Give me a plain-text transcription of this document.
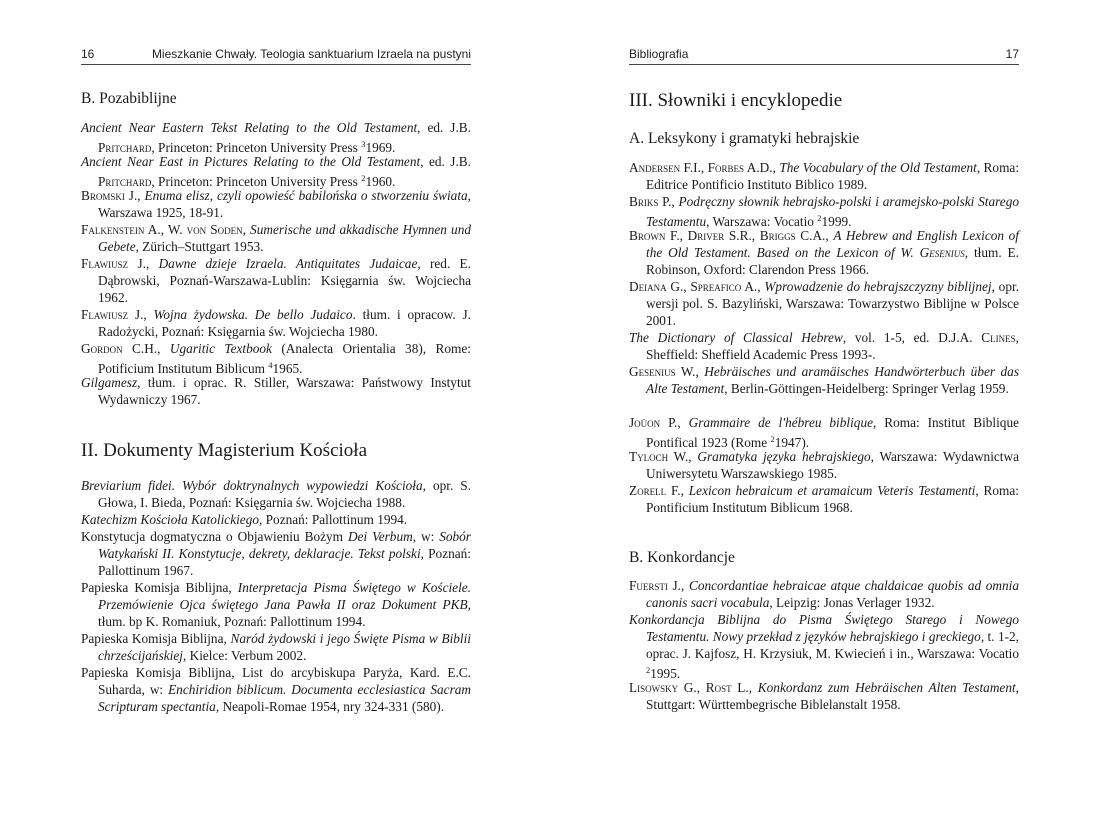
16	Mieszkanie Chwały. Teologia sanktuarium Izraela na pustyni
B. Pozabiblijne
Ancient Near Eastern Tekst Relating to the Old Testament, ed. J.B. Pritchard, Princeton: Princeton University Press $^3$1969.
Ancient Near East in Pictures Relating to the Old Testament, ed. J.B. Pritchard, Princeton: Princeton University Press $^2$1960.
Bromski J., Enuma elisz, czyli opowieść babilońska o stworzeniu świata, Warszawa 1925, 18-91.
Falkenstein A., W. von Soden, Sumerische und akkadische Hymnen und Gebete, Zürich–Stuttgart 1953.
Flawiusz J., Dawne dzieje Izraela. Antiquitates Judaicae, red. E. Dąbrowski, Poznań-Warszawa-Lublin: Księgarnia św. Wojciecha 1962.
Flawiusz J., Wojna żydowska. De bello Judaico. tłum. i opracow. J. Radożycki, Poznań: Księgarnia św. Wojciecha 1980.
Gordon C.H., Ugaritic Textbook (Analecta Orientalia 38), Rome: Potificium Institutum Biblicum $^4$1965.
Gilgamesz, tłum. i oprac. R. Stiller, Warszawa: Państwowy Instytut Wydawniczy 1967.
II. Dokumenty Magisterium Kościoła
Breviarium fidei. Wybór doktrynalnych wypowiedzi Kościoła, opr. S. Głowa, I. Bieda, Poznań: Księgarnia św. Wojciecha 1988.
Katechizm Kościoła Katolickiego, Poznań: Pallottinum 1994.
Konstytucja dogmatyczna o Objawieniu Bożym Dei Verbum, w: Sobór Watykański II. Konstytucje, dekrety, deklaracje. Tekst polski, Poznań: Pallottinum 1967.
Papieska Komisja Biblijna, Interpretacja Pisma Świętego w Kościele. Przemówienie Ojca świętego Jana Pawła II oraz Dokument PKB, tłum. bp K. Romaniuk, Poznań: Pallottinum 1994.
Papieska Komisja Biblijna, Naród żydowski i jego Święte Pisma w Biblii chrześcijańskiej, Kielce: Verbum 2002.
Papieska Komisja Biblijna, List do arcybiskupa Paryża, Kard. E.C. Suharda, w: Enchiridion biblicum. Documenta ecclesiastica Sacram Scripturam spectantia, Neapoli-Romae 1954, nry 324-331 (580).
Bibliografia	17
III. Słowniki i encyklopedie
A. Leksykony i gramatyki hebrajskie
Andersen F.I., Forbes A.D., The Vocabulary of the Old Testament, Roma: Editrice Pontificio Instituto Biblico 1989.
Briks P., Podręczny słownik hebrajsko-polski i aramejsko-polski Starego Testamentu, Warszawa: Vocatio $^2$1999.
Brown F., Driver S.R., Briggs C.A., A Hebrew and English Lexicon of the Old Testament. Based on the Lexicon of W. Gesenius, tłum. E. Robinson, Oxford: Clarendon Press 1966.
Deiana G., Spreafico A., Wprowadzenie do hebrajszczyzny biblijnej, opr. wersji pol. S. Bazyliński, Warszawa: Towarzystwo Biblijne w Polsce 2001.
The Dictionary of Classical Hebrew, vol. 1-5, ed. D.J.A. Clines, Sheffield: Sheffield Academic Press 1993-.
Gesenius W., Hebräisches und aramäisches Handwörterbuch über das Alte Testament, Berlin-Göttingen-Heidelberg: Springer Verlag 1959.
Joüon P., Grammaire de l'hébreu biblique, Roma: Institut Biblique Pontifical 1923 (Rome $^2$1947).
Tyloch W., Gramatyka języka hebrajskiego, Warszawa: Wydawnictwa Uniwersytetu Warszawskiego 1985.
Zorell F., Lexicon hebraicum et aramaicum Veteris Testamenti, Roma: Pontificium Institutum Biblicum 1968.
B. Konkordancje
Fuersti J., Concordantiae hebraicae atque chaldaicae quobis ad omnia canonis sacri vocabula, Leipzig: Jonas Verlager 1932.
Konkordancja Biblijna do Pisma Świętego Starego i Nowego Testamentu. Nowy przekład z języków hebrajskiego i greckiego, t. 1-2, oprac. J. Kajfosz, H. Krzysiuk, M. Kwiecień i in., Warszawa: Vocatio $^2$1995.
Lisowsky G., Rost L., Konkordanz zum Hebräischen Alten Testament, Stuttgart: Württembegrische Biblelanstalt 1958.
